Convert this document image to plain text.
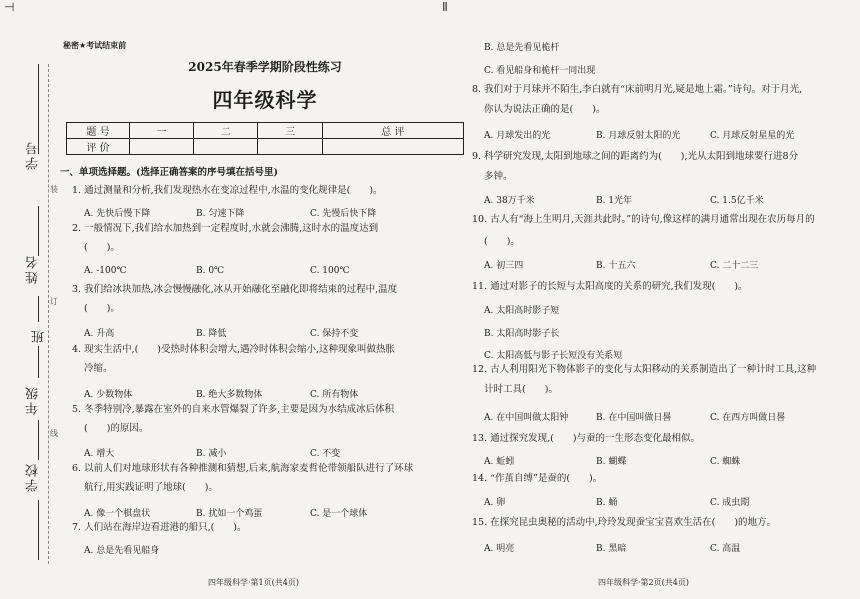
⊣	Ⅱ
学号
姓名
班
年级
学校
装
订
线
秘密★考试结束前
2025年春季学期阶段性练习
四年级科学
题 号	一	二	三	总 评
评 价				
一、单项选择题。(选择正确答案的序号填在括号里)
1. 通过测量和分析,我们发现热水在变凉过程中,水温的变化规律是(　　)。
A. 先快后慢下降	B. 匀速下降	C. 先慢后快下降
2. 一般情况下,我们给水加热到一定程度时,水就会沸腾,这时水的温度达到
(　　)。
A. -100℃	B. 0℃	C. 100℃
3. 我们给冰块加热,冰会慢慢融化,冰从开始融化至融化即将结束的过程中,温度
(　　)。
A. 升高	B. 降低	C. 保持不变
4. 现实生活中,(　　)受热时体积会增大,遇冷时体积会缩小,这种现象叫做热胀
冷缩。
A. 少数物体	B. 绝大多数物体	C. 所有物体
5. 冬季特别冷,暴露在室外的自来水管爆裂了许多,主要是因为水结成冰后体积
(　　)的原因。
A. 增大	B. 减小	C. 不变
6. 以前人们对地球形状有各种推测和猜想,后来,航海家麦哲伦带领船队进行了环球
航行,用实践证明了地球(　　)。
A. 像一个棋盘状	B. 扰如一个鸡蛋	C. 是一个球体
7. 人们站在海岸边看进港的船只,(　　)。
A. 总是先看见船身
B. 总是先看见桅杆
C. 看见船身和桅杆一同出现
8. 我们对于月球并不陌生,李白就有“床前明月光,疑是地上霜。”诗句。对于月光,
你认为说法正确的是(　　)。
A. 月球发出的光	B. 月球反射太阳的光	C. 月球反射星星的光
9. 科学研究发现,太阳到地球之间的距离约为(　　),光从太阳到地球要行进8分
多钟。
A. 38万千米	B. 1光年	C. 1.5亿千米
10. 古人有“海上生明月,天涯共此时。”的诗句,像这样的满月通常出现在农历每月的
(　　)。
A. 初三四	B. 十五六	C. 二十二三
11. 通过对影子的长短与太阳高度的关系的研究,我们发现(　　)。
A. 太阳高时影子短
B. 太阳高时影子长
C. 太阳高低与影子长短没有关系短
12. 古人利用阳光下物体影子的变化与太阳移动的关系制造出了一种计时工具,这种
计时工具(　　)。
A. 在中国叫做太阳钟	B. 在中国叫做日晷	C. 在西方叫做日晷
13. 通过探究发现,(　　)与蚕的一生形态变化最相似。
A. 蚯蚓	B. 蝴蝶	C. 蜘蛛
14. “作茧自缚”是蚕的(　　)。
A. 卵	B. 蛹	C. 成虫期
15. 在探究昆虫奥秘的活动中,玲玲发现蚕宝宝喜欢生活在(　　)的地方。
A. 明亮	B. 黑暗	C. 高温
四年级科学·第1页(共4页)	四年级科学·第2页(共4页)
